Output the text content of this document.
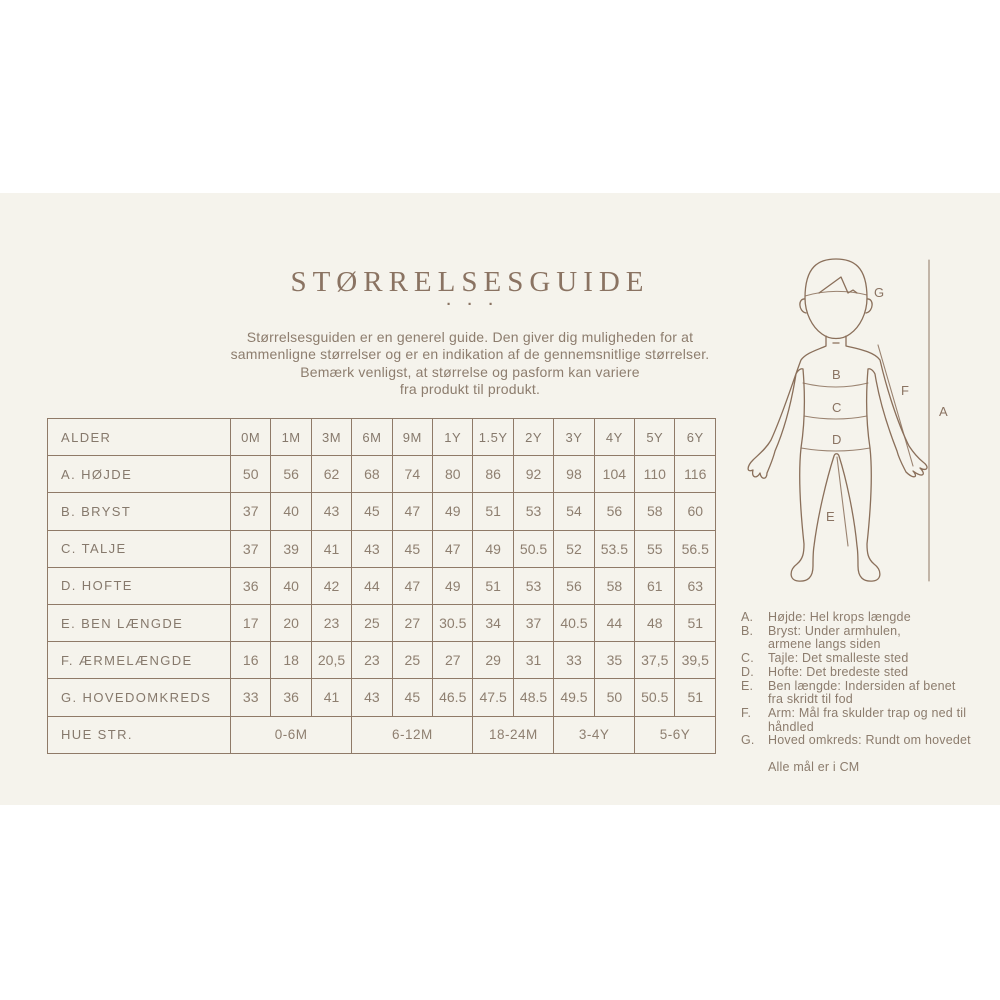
STØRRELSESGUIDE
···
Størrelsesguiden er en generel guide. Den giver dig muligheden for at
sammenligne størrelser og er en indikation af de gennemsnitlige størrelser.
Bemærk venligst, at størrelse og pasform kan variere
fra produkt til produkt.
ALDER	0M	1M	3M	6M	9M	1Y	1.5Y	2Y	3Y	4Y	5Y	6Y
A. HØJDE	50	56	62	68	74	80	86	92	98	104	110	116
B. BRYST	37	40	43	45	47	49	51	53	54	56	58	60
C. TALJE	37	39	41	43	45	47	49	50.5	52	53.5	55	56.5
D. HOFTE	36	40	42	44	47	49	51	53	56	58	61	63
E. BEN LÆNGDE	17	20	23	25	27	30.5	34	37	40.5	44	48	51
F. ÆRMELÆNGDE	16	18	20,5	23	25	27	29	31	33	35	37,5	39,5
G. HOVEDOMKREDS	33	36	41	43	45	46.5	47.5	48.5	49.5	50	50.5	51
HUE STR.	0-6M			6-12M			18-24M		3-4Y		5-6Y	
G
B
C
D
E
F
A
A.	Højde: Hel krops længde
B.	Bryst: Under armhulen,
armene langs siden
C.	Tajle: Det smalleste sted
D.	Hofte: Det bredeste sted
E.	Ben længde: Indersiden af benet
fra skridt til fod
F.	Arm: Mål fra skulder trap og ned til
håndled
G.	Hoved omkreds: Rundt om hovedet
Alle mål er i CM
